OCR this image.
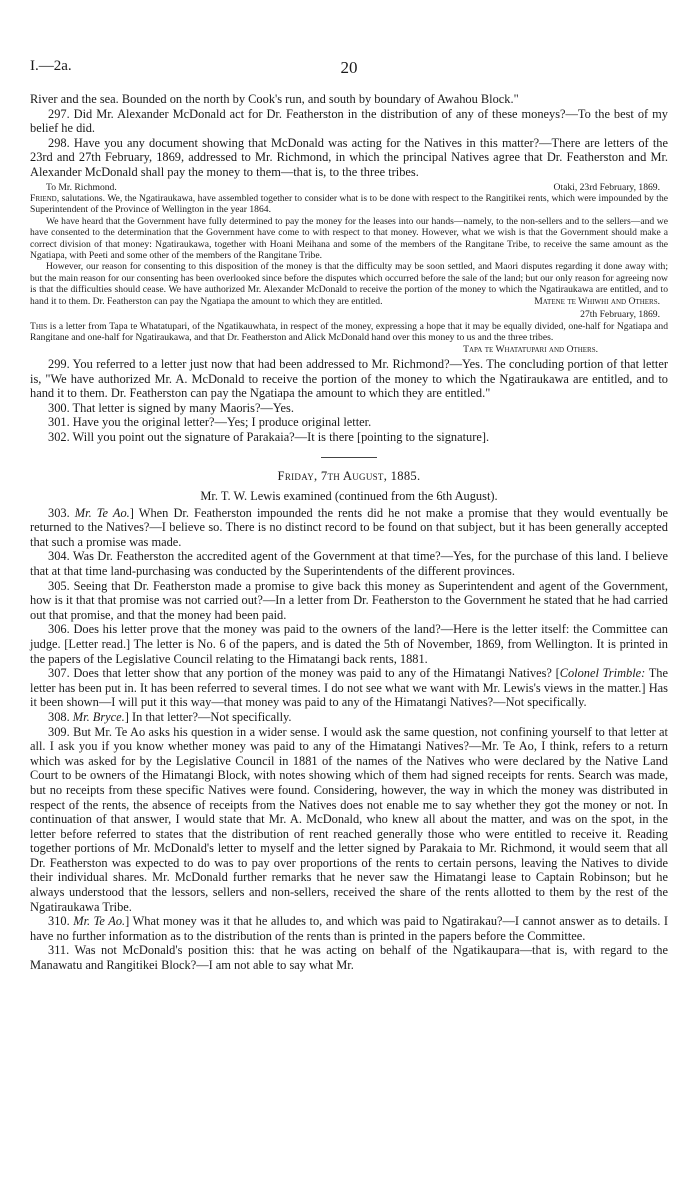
I.—2a.	20

River and the sea. Bounded on the north by Cook's run, and south by boundary of Awahou Block."

297. Did Mr. Alexander McDonald act for Dr. Featherston in the distribution of any of these moneys?—To the best of my belief he did.

298. Have you any document showing that McDonald was acting for the Natives in this matter?—There are letters of the 23rd and 27th February, 1869, addressed to Mr. Richmond, in which the principal Natives agree that Dr. Featherston and Mr. Alexander McDonald shall pay the money to them—that is, to the three tribes.

To Mr. Richmond.	Otaki, 23rd February, 1869.

Friend, salutations. We, the Ngatiraukawa, have assembled together to consider what is to be done with respect to the Rangitikei rents, which were impounded by the Superintendent of the Province of Wellington in the year 1864.

We have heard that the Government have fully determined to pay the money for the leases into our hands—namely, to the non-sellers and to the sellers—and we have consented to the determination that the Government have come to with respect to that money. However, what we wish is that the Government should make a correct division of that money: Ngatiraukawa, together with Hoani Meihana and some of the members of the Rangitane Tribe, to receive the same amount as the Ngatiapa, with Peeti and some other of the members of the Rangitane Tribe.

However, our reason for consenting to this disposition of the money is that the difficulty may be soon settled, and Maori disputes regarding it done away with; but the main reason for our consenting has been overlooked since before the disputes which occurred before the sale of the land; but our only reason for agreeing now is that the difficulties should cease. We have authorized Mr. Alexander McDonald to receive the portion of the money to which the Ngatiraukawa are entitled, and to hand it to them. Dr. Featherston can pay the Ngatiapa the amount to which they are entitled.	Matene te Whiwhi and Others.
27th February, 1869.

This is a letter from Tapa te Whatatupari, of the Ngatikauwhata, in respect of the money, expressing a hope that it may be equally divided, one-half for Ngatiapa and Rangitane and one-half for Ngatiraukawa, and that Dr. Featherston and Alick McDonald hand over this money to us and the three tribes.

Tapa te Whatatupari and Others.

299. You referred to a letter just now that had been addressed to Mr. Richmond?—Yes. The concluding portion of that letter is, "We have authorized Mr. A. McDonald to receive the portion of the money to which the Ngatiraukawa are entitled, and to hand it to them. Dr. Featherston can pay the Ngatiapa the amount to which they are entitled."

300. That letter is signed by many Maoris?—Yes.

301. Have you the original letter?—Yes; I produce original letter.

302. Will you point out the signature of Parakaia?—It is there [pointing to the signature].

Friday, 7th August, 1885.
Mr. T. W. Lewis examined (continued from the 6th August).

303. Mr. Te Ao.] When Dr. Featherston impounded the rents did he not make a promise that they would eventually be returned to the Natives?—I believe so. There is no distinct record to be found on that subject, but it has been generally accepted that such a promise was made.

304. Was Dr. Featherston the accredited agent of the Government at that time?—Yes, for the purchase of this land. I believe that at that time land-purchasing was conducted by the Superintendents of the different provinces.

305. Seeing that Dr. Featherston made a promise to give back this money as Superintendent and agent of the Government, how is it that that promise was not carried out?—In a letter from Dr. Featherston to the Government he stated that he had carried out that promise, and that the money had been paid.

306. Does his letter prove that the money was paid to the owners of the land?—Here is the letter itself: the Committee can judge. [Letter read.] The letter is No. 6 of the papers, and is dated the 5th of November, 1869, from Wellington. It is printed in the papers of the Legislative Council relating to the Himatangi back rents, 1881.

307. Does that letter show that any portion of the money was paid to any of the Himatangi Natives? [Colonel Trimble: The letter has been put in. It has been referred to several times. I do not see what we want with Mr. Lewis's views in the matter.] Has it been shown—I will put it this way—that money was paid to any of the Himatangi Natives?—Not specifically.

308. Mr. Bryce.] In that letter?—Not specifically.

309. But Mr. Te Ao asks his question in a wider sense. I would ask the same question, not confining yourself to that letter at all. I ask you if you know whether money was paid to any of the Himatangi Natives?—Mr. Te Ao, I think, refers to a return which was asked for by the Legislative Council in 1881 of the names of the Natives who were declared by the Native Land Court to be owners of the Himatangi Block, with notes showing which of them had signed receipts for rents. Search was made, but no receipts from these specific Natives were found. Considering, however, the way in which the money was distributed in respect of the rents, the absence of receipts from the Natives does not enable me to say whether they got the money or not. In continuation of that answer, I would state that Mr. A. McDonald, who knew all about the matter, and was on the spot, in the letter before referred to states that the distribution of rent reached generally those who were entitled to receive it. Reading together portions of Mr. McDonald's letter to myself and the letter signed by Parakaia to Mr. Richmond, it would seem that all Dr. Featherston was expected to do was to pay over proportions of the rents to certain persons, leaving the Natives to divide their individual shares. Mr. McDonald further remarks that he never saw the Himatangi lease to Captain Robinson; but he always understood that the lessors, sellers and non-sellers, received the share of the rents allotted to them by the rest of the Ngatiraukawa Tribe.

310. Mr. Te Ao.] What money was it that he alludes to, and which was paid to Ngatirakau?—I cannot answer as to details. I have no further information as to the distribution of the rents than is printed in the papers before the Committee.

311. Was not McDonald's position this: that he was acting on behalf of the Ngatikaupara—that is, with regard to the Manawatu and Rangitikei Block?—I am not able to say what Mr.
